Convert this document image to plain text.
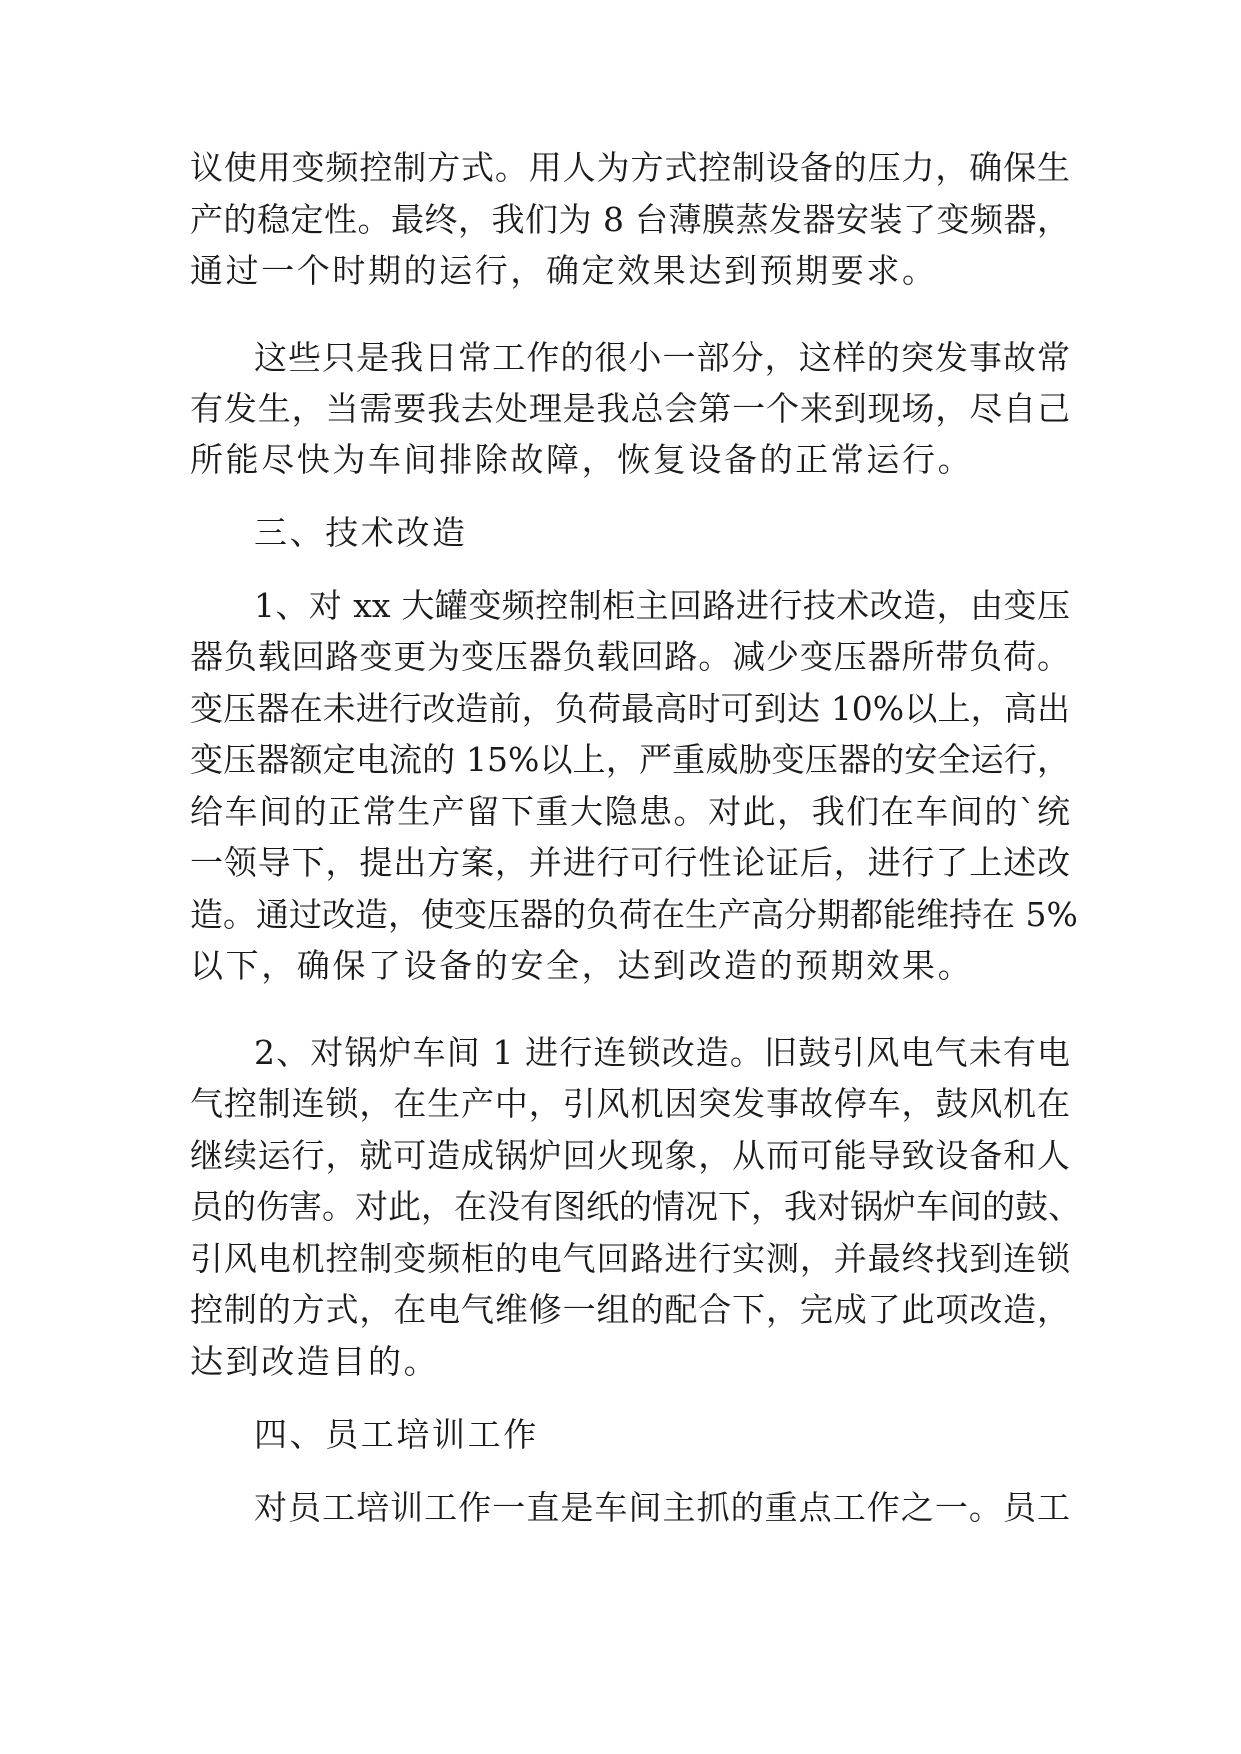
议使用变频控制方式。用人为方式控制设备的压力，确保生
产的稳定性。最终，我们为 8 台薄膜蒸发器安装了变频器，
通过一个时期的运行，确定效果达到预期要求。
这些只是我日常工作的很小一部分，这样的突发事故常
有发生，当需要我去处理是我总会第一个来到现场，尽自己
所能尽快为车间排除故障，恢复设备的正常运行。
三、技术改造
1、对 xx 大罐变频控制柜主回路进行技术改造，由变压
器负载回路变更为变压器负载回路。减少变压器所带负荷。
变压器在未进行改造前，负荷最高时可到达 10%以上，高出
变压器额定电流的 15%以上，严重威胁变压器的安全运行，
给车间的正常生产留下重大隐患。对此，我们在车间的`统
一领导下，提出方案，并进行可行性论证后，进行了上述改
造。通过改造，使变压器的负荷在生产高分期都能维持在 5%
以下，确保了设备的安全，达到改造的预期效果。
2、对锅炉车间 1 进行连锁改造。旧鼓引风电气未有电
气控制连锁，在生产中，引风机因突发事故停车，鼓风机在
继续运行，就可造成锅炉回火现象，从而可能导致设备和人
员的伤害。对此，在没有图纸的情况下，我对锅炉车间的鼓、
引风电机控制变频柜的电气回路进行实测，并最终找到连锁
控制的方式，在电气维修一组的配合下，完成了此项改造，
达到改造目的。
四、员工培训工作
对员工培训工作一直是车间主抓的重点工作之一。员工
